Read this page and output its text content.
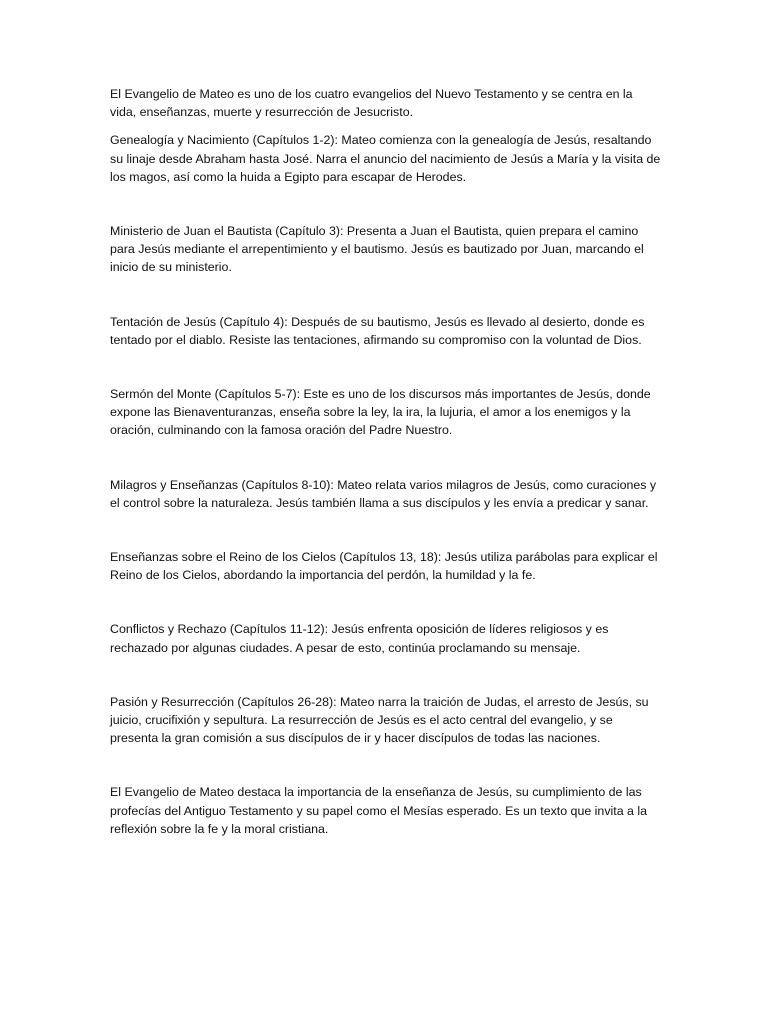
El Evangelio de Mateo es uno de los cuatro evangelios del Nuevo Testamento y se centra en la vida, enseñanzas, muerte y resurrección de Jesucristo.

Genealogía y Nacimiento (Capítulos 1-2): Mateo comienza con la genealogía de Jesús, resaltando su linaje desde Abraham hasta José. Narra el anuncio del nacimiento de Jesús a María y la visita de los magos, así como la huida a Egipto para escapar de Herodes.

Ministerio de Juan el Bautista (Capítulo 3): Presenta a Juan el Bautista, quien prepara el camino para Jesús mediante el arrepentimiento y el bautismo. Jesús es bautizado por Juan, marcando el inicio de su ministerio.

Tentación de Jesús (Capítulo 4): Después de su bautismo, Jesús es llevado al desierto, donde es tentado por el diablo. Resiste las tentaciones, afirmando su compromiso con la voluntad de Dios.

Sermón del Monte (Capítulos 5-7): Este es uno de los discursos más importantes de Jesús, donde expone las Bienaventuranzas, enseña sobre la ley, la ira, la lujuria, el amor a los enemigos y la oración, culminando con la famosa oración del Padre Nuestro.

Milagros y Enseñanzas (Capítulos 8-10): Mateo relata varios milagros de Jesús, como curaciones y el control sobre la naturaleza. Jesús también llama a sus discípulos y les envía a predicar y sanar.

Enseñanzas sobre el Reino de los Cielos (Capítulos 13, 18): Jesús utiliza parábolas para explicar el Reino de los Cielos, abordando la importancia del perdón, la humildad y la fe.

Conflictos y Rechazo (Capítulos 11-12): Jesús enfrenta oposición de líderes religiosos y es rechazado por algunas ciudades. A pesar de esto, continúa proclamando su mensaje.

Pasión y Resurrección (Capítulos 26-28): Mateo narra la traición de Judas, el arresto de Jesús, su juicio, crucifixión y sepultura. La resurrección de Jesús es el acto central del evangelio, y se presenta la gran comisión a sus discípulos de ir y hacer discípulos de todas las naciones.

El Evangelio de Mateo destaca la importancia de la enseñanza de Jesús, su cumplimiento de las profecías del Antiguo Testamento y su papel como el Mesías esperado. Es un texto que invita a la reflexión sobre la fe y la moral cristiana.
